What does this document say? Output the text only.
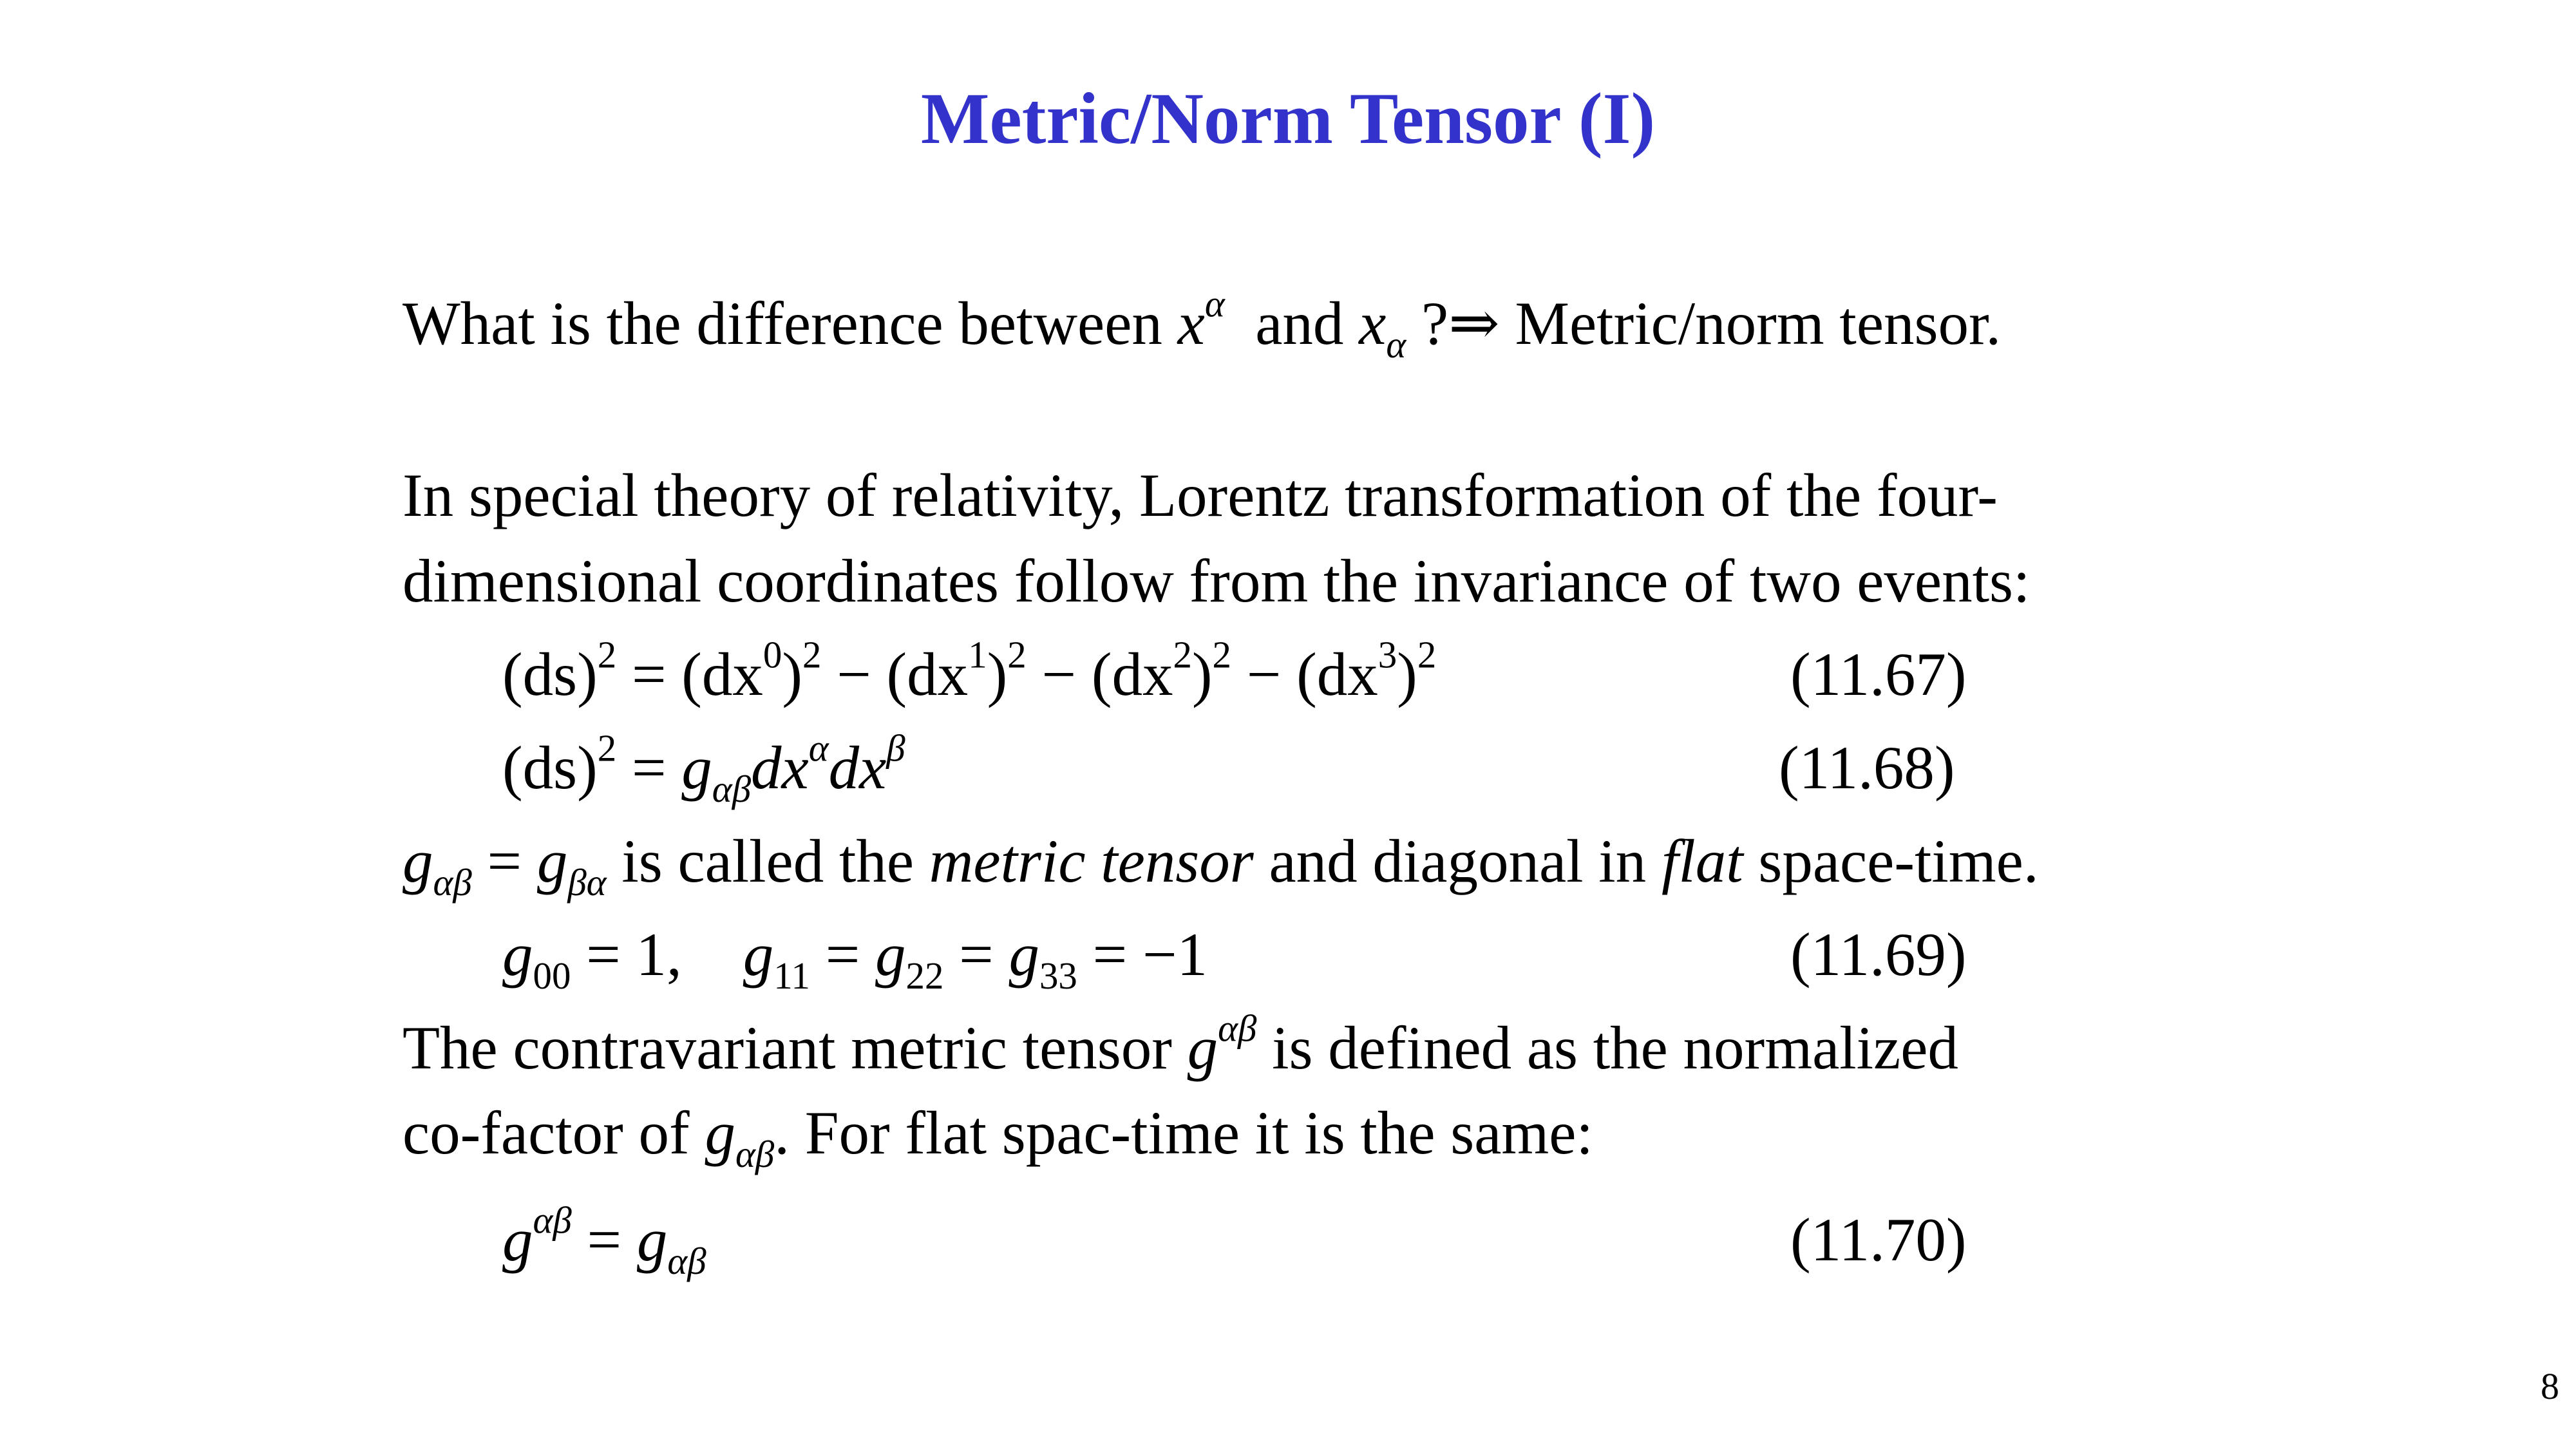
Metric/Norm Tensor (I)
What is the difference between $x^\alpha$ and $x_\alpha$ ?⇒ Metric/norm tensor.
In special theory of relativity, Lorentz transformation of the four-
dimensional coordinates follow from the invariance of two events:
$(ds)^2 = (dx^0)^2 - (dx^1)^2 - (dx^2)^2 - (dx^3)^2$	(11.67)
$(ds)^2 = g_{\alpha\beta}dx^\alpha dx^\beta$	(11.68)
$g_{\alpha\beta} = g_{\beta\alpha}$ is called the metric tensor and diagonal in flat space-time.
$g_{00} = 1$, $g_{11} = g_{22} = g_{33} = -1$	(11.69)
The contravariant metric tensor $g^{\alpha\beta}$ is defined as the normalized
co-factor of $g_{\alpha\beta}$. For flat spac-time it is the same:
$g^{\alpha\beta} = g_{\alpha\beta}$	(11.70)
8
